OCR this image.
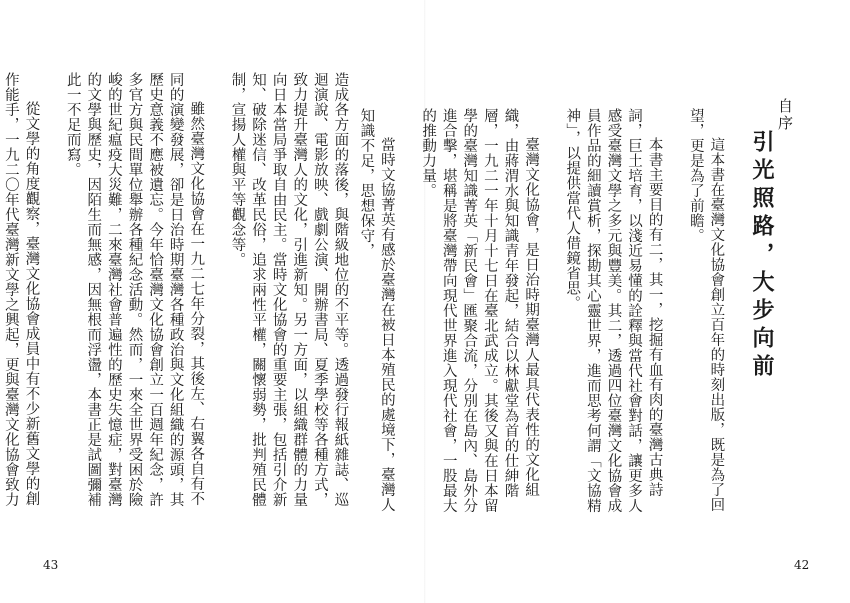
造成各方面的落後，與階級地位的不平等。透過發行報紙雜誌、巡迴演說、電影放映、戲劇公演、開辦書局、夏季學校等各種方式，致力提升臺灣人的文化，引進新知。另一方面，以組織群體的力量向日本當局爭取自由民主。當時文化協會的重要主張，包括引介新知、破除迷信、改革民俗，追求兩性平權，關懷弱勢，批判殖民體制，宣揚人權與平等觀念等。

雖然臺灣文化協會在一九二七年分裂，其後左、右翼各自有不同的演變發展，卻是日治時期臺灣各種政治與文化組織的源頭，其歷史意義不應被遺忘。今年恰臺灣文化協會創立一百週年紀念，許多官方與民間單位舉辦各種紀念活動。然而，一來全世界受困於險峻的世紀瘟疫大災難，二來臺灣社會普遍性的歷史失憶症，對臺灣的文學與歷史，因陌生而無感，因無根而浮盪，本書正是試圖彌補此一不足而寫。

從文學的角度觀察，臺灣文化協會成員中有不少新舊文學的創作能手，一九二〇年代臺灣新文學之興起，更與臺灣文化協會致力

43
自序
引光照路，大步向前

這本書在臺灣文化協會創立百年的時刻出版，既是為了回望，更是為了前瞻。

本書主要目的有二，其一，挖掘有血有肉的臺灣古典詩詞，巨土培育，以淺近易懂的詮釋與當代社會對話，讓更多人感受臺灣文學之多元與豐美。其二，透過四位臺灣文化協會成員作品的細讀賞析，探勘其心靈世界，進而思考何謂「文協精神」，以提供當代人借鏡省思。

臺灣文化協會，是日治時期臺灣人最具代表性的文化組織，由蔣渭水與知識青年發起，結合以林獻堂為首的仕紳階層，一九二一年十月十七日在臺北武成立。其後又與在日本留學的臺灣知識菁英「新民會」匯聚合流，分別在島內、島外分進合擊，堪稱是將臺灣帶向現代世界進入現代社會，一股最大的推動力量。

當時文協菁英有感於臺灣在被日本殖民的處境下，臺灣人知識不足，思想保守，

42
